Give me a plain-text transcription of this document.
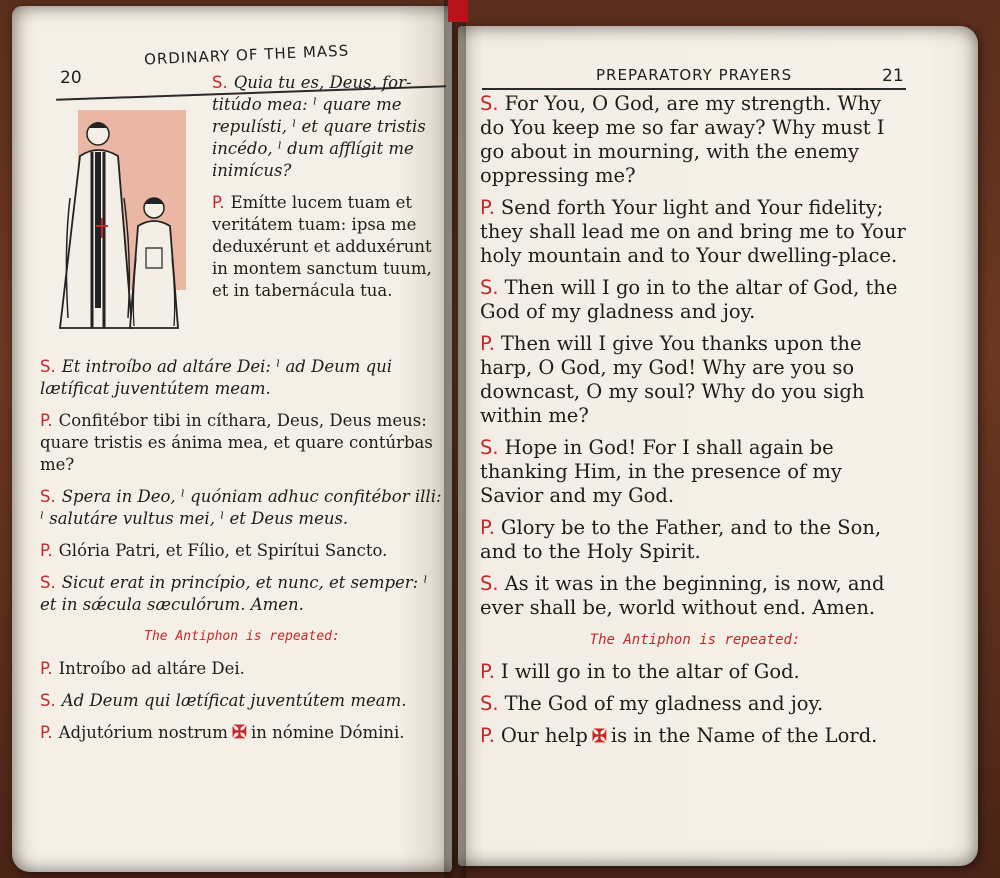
20
ORDINARY OF THE MASS

S. Quia tu es, Deus, fortitúdo mea: ˡ quare me repulísti, ˡ et quare tristis incédo, ˡ dum afflígit me inimícus?

P. Emítte lucem tuam et veritátem tuam: ipsa me deduxérunt et adduxérunt in montem sanctum tuum, et in tabernácula tua.

S. Et introíbo ad altáre Dei: ˡ ad Deum qui lætíficat juventútem meam.

P. Confitébor tibi in cíthara, Deus, Deus meus: quare tristis es ánima mea, et quare contúrbas me?

S. Spera in Deo, ˡ quóniam adhuc confitébor illi: ˡ salutáre vultus mei, ˡ et Deus meus.

P. Glória Patri, et Fílio, et Spirítui Sancto.

S. Sicut erat in princípio, et nunc, et semper: ˡ et in sǽcula sæculórum. Amen.

The Antiphon is repeated:

P. Introíbo ad altáre Dei.

S. Ad Deum qui lætíficat juventútem meam.

P. Adjutórium nostrum ✠ in nómine Dómini.

PREPARATORY PRAYERS	21

S. For You, O God, are my strength. Why do You keep me so far away? Why must I go about in mourning, with the enemy oppressing me?

P. Send forth Your light and Your fidelity; they shall lead me on and bring me to Your holy mountain and to Your dwelling-place.

S. Then will I go in to the altar of God, the God of my gladness and joy.

P. Then will I give You thanks upon the harp, O God, my God! Why are you so downcast, O my soul? Why do you sigh within me?

S. Hope in God! For I shall again be thanking Him, in the presence of my Savior and my God.

P. Glory be to the Father, and to the Son, and to the Holy Spirit.

S. As it was in the beginning, is now, and ever shall be, world without end. Amen.

The Antiphon is repeated:

P. I will go in to the altar of God.

S. The God of my gladness and joy.

P. Our help ✠ is in the Name of the Lord.
